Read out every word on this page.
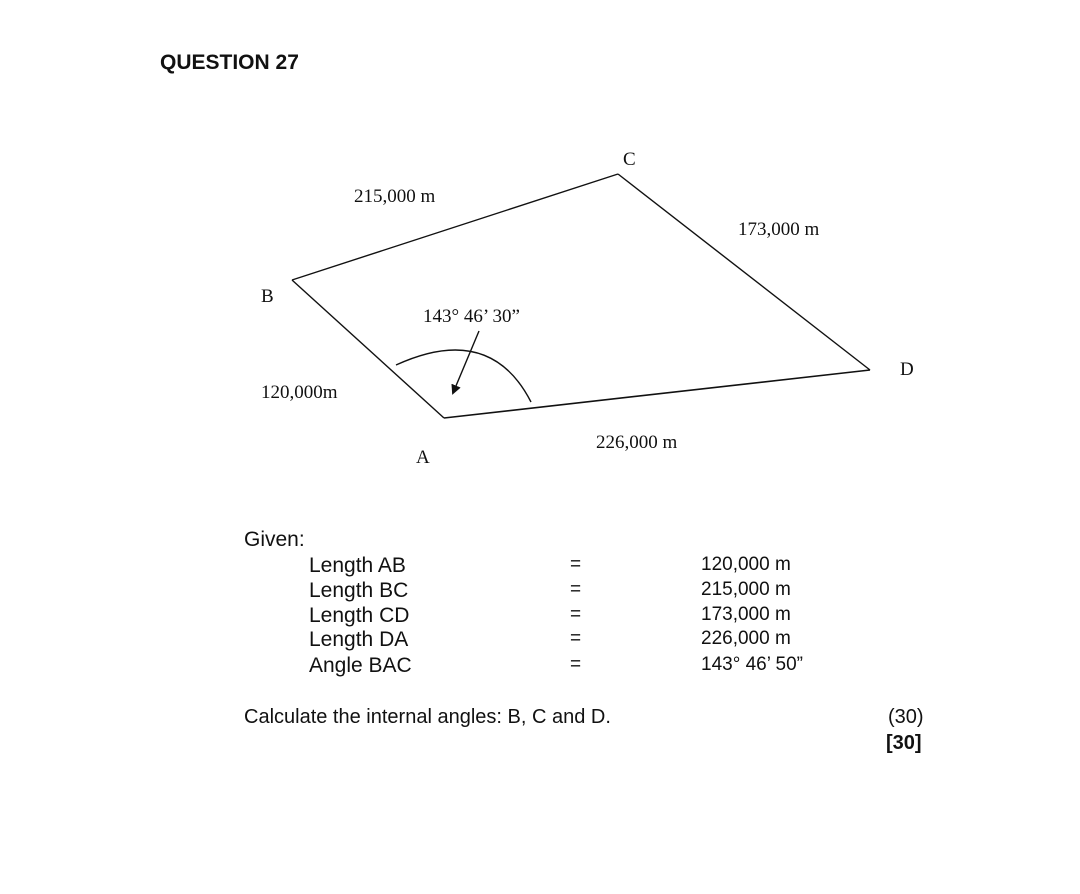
QUESTION 27
C
B
D
A
215,000 m
173,000 m
120,000m
226,000 m
143° 46’ 30”
Given:
Length AB	=	120,000 m
Length BC	=	215,000 m
Length CD	=	173,000 m
Length DA	=	226,000 m
Angle BAC	=	143° 46’ 50”
Calculate the internal angles: B, C and D.	(30)
[30]
